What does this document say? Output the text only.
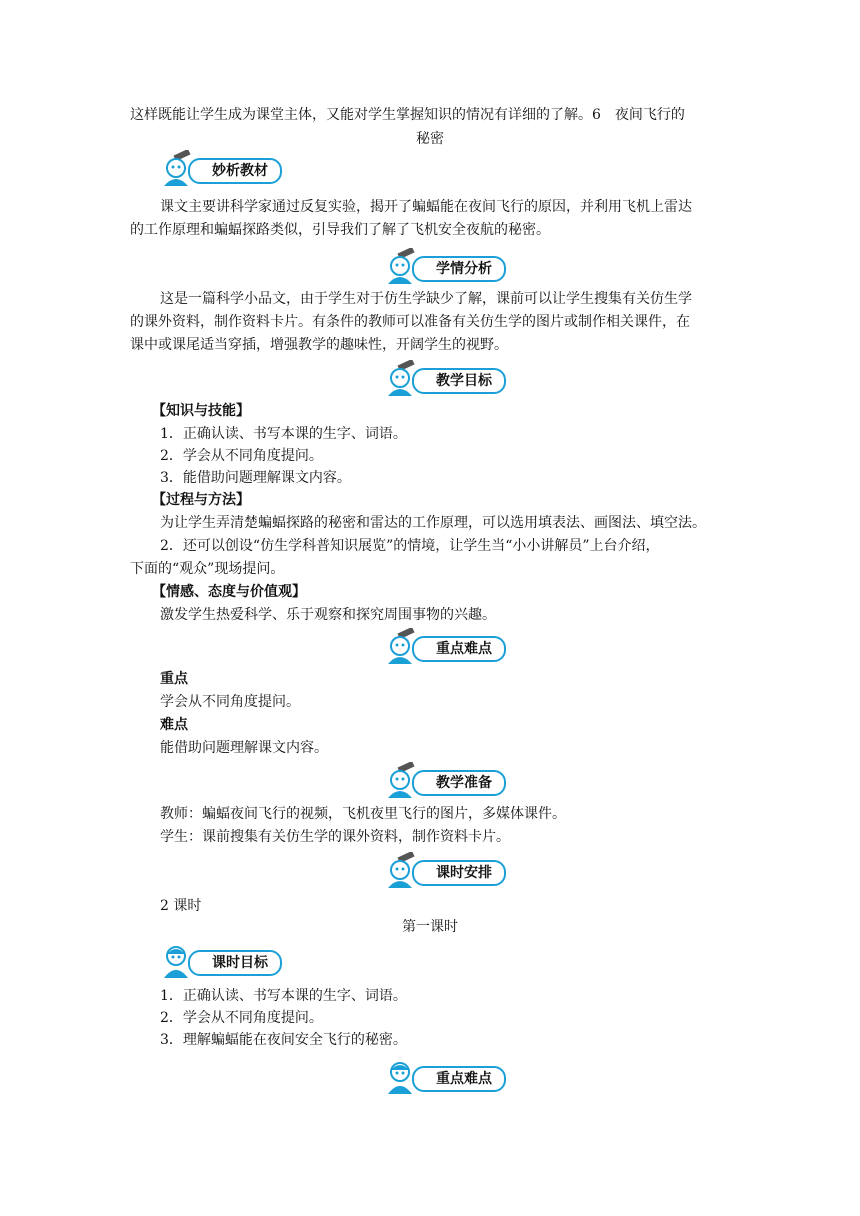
这样既能让学生成为课堂主体，又能对学生掌握知识的情况有详细的了解。6　夜间飞行的
秘密
妙析教材
课文主要讲科学家通过反复实验，揭开了蝙蝠能在夜间飞行的原因，并利用飞机上雷达
的工作原理和蝙蝠探路类似，引导我们了解了飞机安全夜航的秘密。
学情分析
这是一篇科学小品文，由于学生对于仿生学缺少了解，课前可以让学生搜集有关仿生学
的课外资料，制作资料卡片。有条件的教师可以准备有关仿生学的图片或制作相关课件，在
课中或课尾适当穿插，增强教学的趣味性，开阔学生的视野。
教学目标
【知识与技能】
1．正确认读、书写本课的生字、词语。
2．学会从不同角度提问。
3．能借助问题理解课文内容。
【过程与方法】
为让学生弄清楚蝙蝠探路的秘密和雷达的工作原理，可以选用填表法、画图法、填空法。
2．还可以创设“仿生学科普知识展览”的情境，让学生当“小小讲解员”上台介绍，
下面的“观众”现场提问。
【情感、态度与价值观】
激发学生热爱科学、乐于观察和探究周围事物的兴趣。
重点难点
重点
学会从不同角度提问。
难点
能借助问题理解课文内容。
教学准备
教师：蝙蝠夜间飞行的视频，飞机夜里飞行的图片，多媒体课件。
学生：课前搜集有关仿生学的课外资料，制作资料卡片。
课时安排
2 课时
第一课时
课时目标
1．正确认读、书写本课的生字、词语。
2．学会从不同角度提问。
3．理解蝙蝠能在夜间安全飞行的秘密。
重点难点
